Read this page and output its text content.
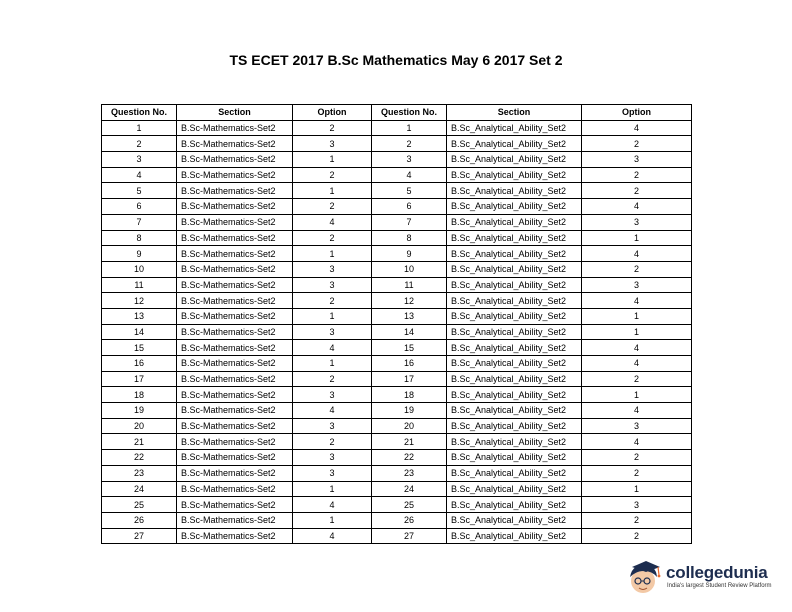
TS ECET 2017 B.Sc Mathematics May 6 2017 Set 2
Question No.	Section	Option	Question No.	Section	Option
1	B.Sc-Mathematics-Set2	2	1	B.Sc_Analytical_Ability_Set2	4
2	B.Sc-Mathematics-Set2	3	2	B.Sc_Analytical_Ability_Set2	2
3	B.Sc-Mathematics-Set2	1	3	B.Sc_Analytical_Ability_Set2	3
4	B.Sc-Mathematics-Set2	2	4	B.Sc_Analytical_Ability_Set2	2
5	B.Sc-Mathematics-Set2	1	5	B.Sc_Analytical_Ability_Set2	2
6	B.Sc-Mathematics-Set2	2	6	B.Sc_Analytical_Ability_Set2	4
7	B.Sc-Mathematics-Set2	4	7	B.Sc_Analytical_Ability_Set2	3
8	B.Sc-Mathematics-Set2	2	8	B.Sc_Analytical_Ability_Set2	1
9	B.Sc-Mathematics-Set2	1	9	B.Sc_Analytical_Ability_Set2	4
10	B.Sc-Mathematics-Set2	3	10	B.Sc_Analytical_Ability_Set2	2
11	B.Sc-Mathematics-Set2	3	11	B.Sc_Analytical_Ability_Set2	3
12	B.Sc-Mathematics-Set2	2	12	B.Sc_Analytical_Ability_Set2	4
13	B.Sc-Mathematics-Set2	1	13	B.Sc_Analytical_Ability_Set2	1
14	B.Sc-Mathematics-Set2	3	14	B.Sc_Analytical_Ability_Set2	1
15	B.Sc-Mathematics-Set2	4	15	B.Sc_Analytical_Ability_Set2	4
16	B.Sc-Mathematics-Set2	1	16	B.Sc_Analytical_Ability_Set2	4
17	B.Sc-Mathematics-Set2	2	17	B.Sc_Analytical_Ability_Set2	2
18	B.Sc-Mathematics-Set2	3	18	B.Sc_Analytical_Ability_Set2	1
19	B.Sc-Mathematics-Set2	4	19	B.Sc_Analytical_Ability_Set2	4
20	B.Sc-Mathematics-Set2	3	20	B.Sc_Analytical_Ability_Set2	3
21	B.Sc-Mathematics-Set2	2	21	B.Sc_Analytical_Ability_Set2	4
22	B.Sc-Mathematics-Set2	3	22	B.Sc_Analytical_Ability_Set2	2
23	B.Sc-Mathematics-Set2	3	23	B.Sc_Analytical_Ability_Set2	2
24	B.Sc-Mathematics-Set2	1	24	B.Sc_Analytical_Ability_Set2	1
25	B.Sc-Mathematics-Set2	4	25	B.Sc_Analytical_Ability_Set2	3
26	B.Sc-Mathematics-Set2	1	26	B.Sc_Analytical_Ability_Set2	2
27	B.Sc-Mathematics-Set2	4	27	B.Sc_Analytical_Ability_Set2	2
collegedunia
India's largest Student Review Platform
